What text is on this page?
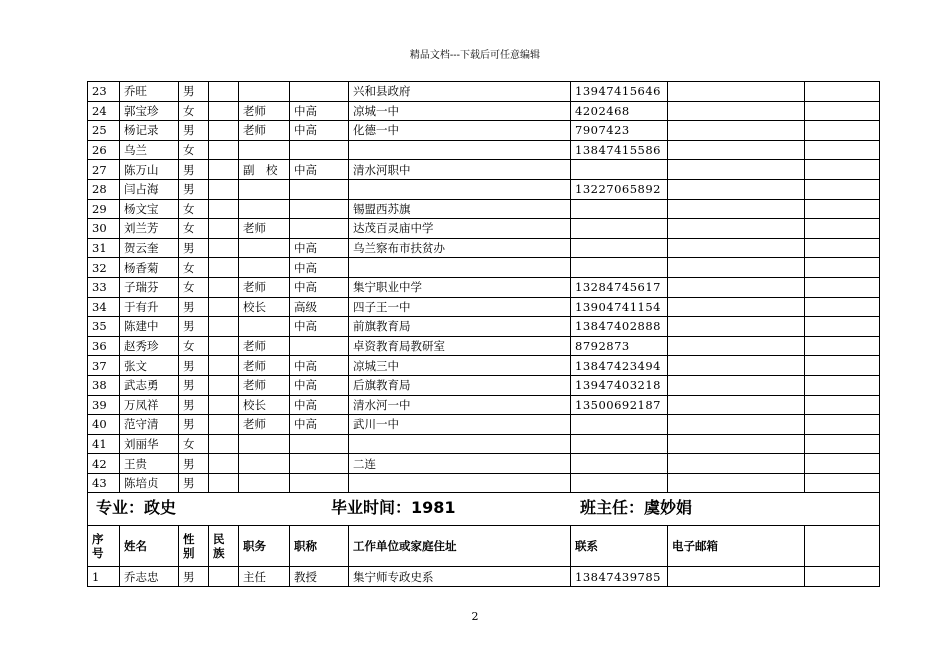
精品文档---下载后可任意编辑
23	乔旺	男				兴和县政府	13947415646		
24	郭宝珍	女		老师	中高	凉城一中	4202468		
25	杨记录	男		老师	中高	化德一中	7907423		
26	乌兰	女					13847415586		
27	陈万山	男		副　校	中高	清水河职中			
28	闫占海	男					13227065892		
29	杨文宝	女				锡盟西苏旗			
30	刘兰芳	女		老师		达茂百灵庙中学			
31	贺云奎	男			中高	乌兰察布市扶贫办			
32	杨香菊	女			中高				
33	子瑞芬	女		老师	中高	集宁职业中学	13284745617		
34	于有升	男		校长	高级	四子王一中	13904741154		
35	陈建中	男			中高	前旗教育局	13847402888		
36	赵秀珍	女		老师		卓资教育局教研室	8792873		
37	张文	男		老师	中高	凉城三中	13847423494		
38	武志勇	男		老师	中高	后旗教育局	13947403218		
39	万凤祥	男		校长	中高	清水河一中	13500692187		
40	范守清	男		老师	中高	武川一中			
41	刘丽华	女							
42	王贵	男				二连			
43	陈培贞	男							

专业：政史 毕业时间：1981 班主任：虞妙娟									

序号	姓名	性别	民族	职务	职称	工作单位或家庭住址	联系	电子邮箱	
1	乔志忠	男		主任	教授	集宁师专政史系	13847439785		
2
